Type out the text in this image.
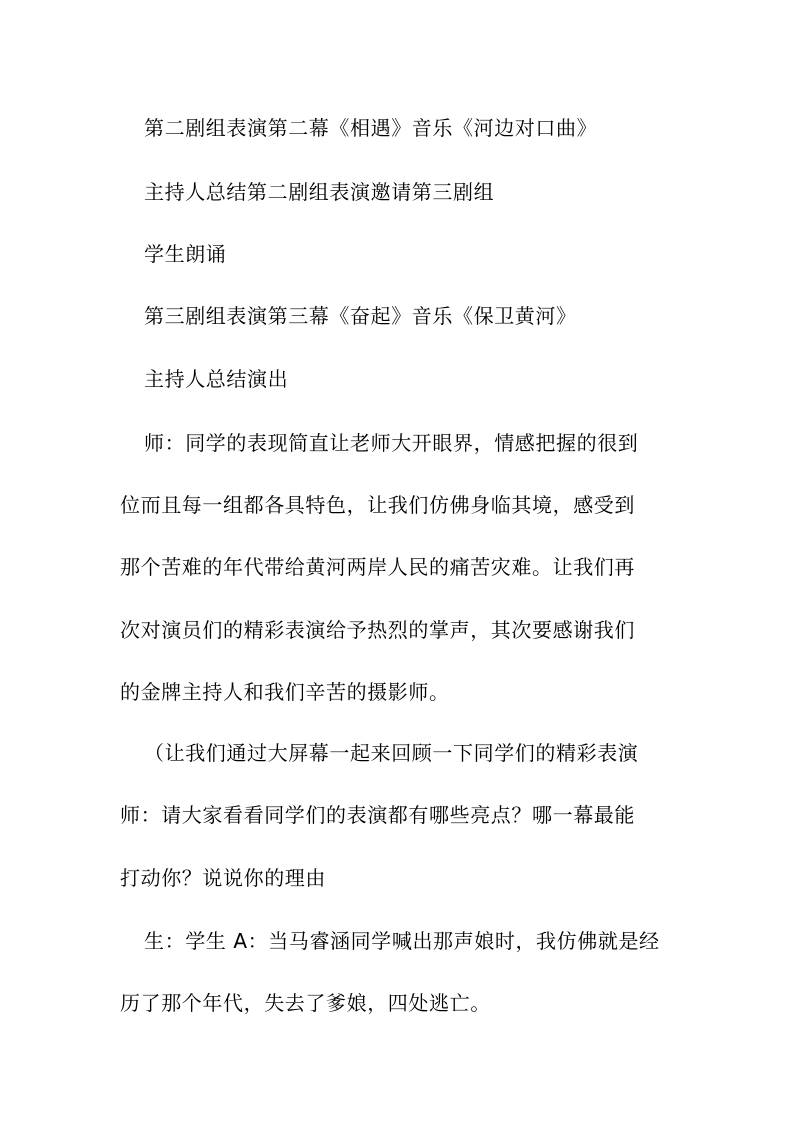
第二剧组表演第二幕《相遇》音乐《河边对口曲》
主持人总结第二剧组表演邀请第三剧组
学生朗诵
第三剧组表演第三幕《奋起》音乐《保卫黄河》
主持人总结演出
师：同学的表现简直让老师大开眼界，情感把握的很到
位而且每一组都各具特色，让我们仿佛身临其境，感受到
那个苦难的年代带给黄河两岸人民的痛苦灾难。让我们再
次对演员们的精彩表演给予热烈的掌声，其次要感谢我们
的金牌主持人和我们辛苦的摄影师。
（让我们通过大屏幕一起来回顾一下同学们的精彩表演
师：请大家看看同学们的表演都有哪些亮点？哪一幕最能
打动你？说说你的理由
生：学生 A：当马睿涵同学喊出那声娘时，我仿佛就是经
历了那个年代，失去了爹娘，四处逃亡。
